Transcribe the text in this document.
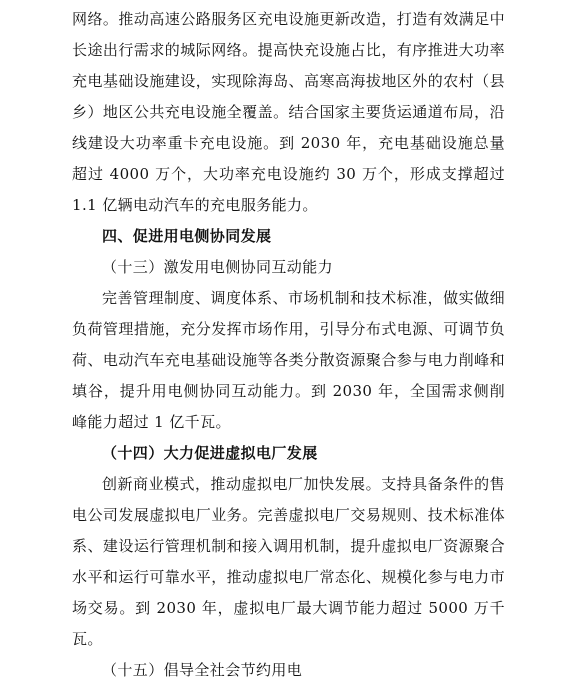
网络。推动高速公路服务区充电设施更新改造，打造有效满足中长途出行需求的城际网络。提高快充设施占比，有序推进大功率充电基础设施建设，实现除海岛、高寒高海拔地区外的农村（县乡）地区公共充电设施全覆盖。结合国家主要货运通道布局，沿线建设大功率重卡充电设施。到 2030 年，充电基础设施总量超过 4000 万个，大功率充电设施约 30 万个，形成支撑超过 1.1 亿辆电动汽车的充电服务能力。

四、促进用电侧协同发展

（十三）激发用电侧协同互动能力

完善管理制度、调度体系、市场机制和技术标准，做实做细负荷管理措施，充分发挥市场作用，引导分布式电源、可调节负荷、电动汽车充电基础设施等各类分散资源聚合参与电力削峰和填谷，提升用电侧协同互动能力。到 2030 年，全国需求侧削峰能力超过 1 亿千瓦。

（十四）大力促进虚拟电厂发展

创新商业模式，推动虚拟电厂加快发展。支持具备条件的售电公司发展虚拟电厂业务。完善虚拟电厂交易规则、技术标准体系、建设运行管理机制和接入调用机制，提升虚拟电厂资源聚合水平和运行可靠水平，推动虚拟电厂常态化、规模化参与电力市场交易。到 2030 年，虚拟电厂最大调节能力超过 5000 万千瓦。

（十五）倡导全社会节约用电
